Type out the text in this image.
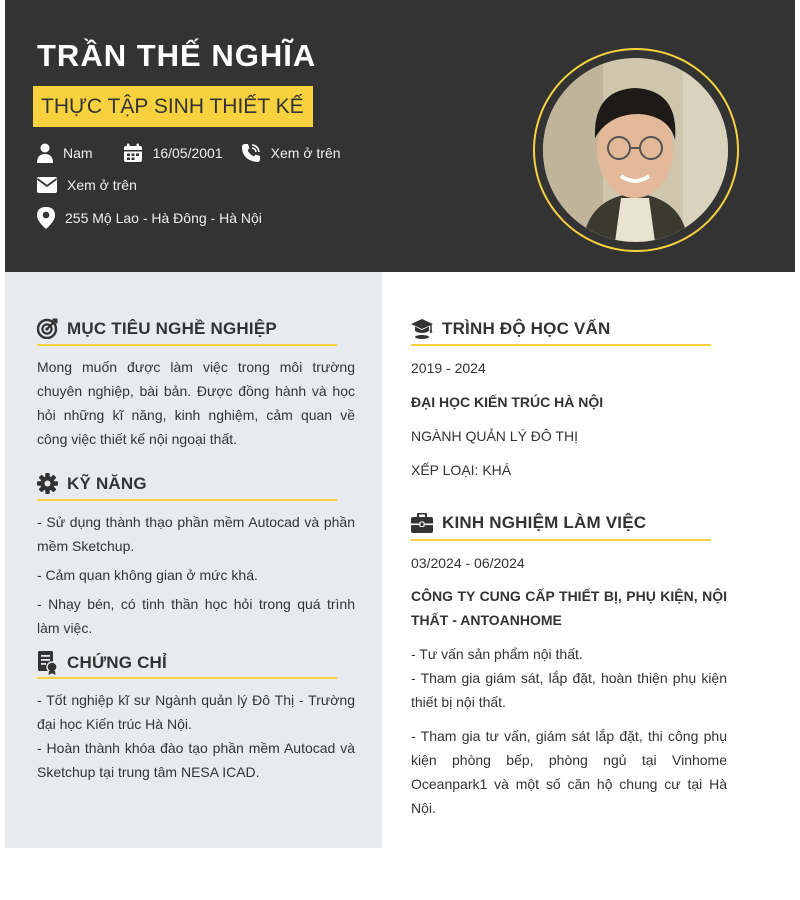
TRẦN THẾ NGHĨA
THỰC TẬP SINH THIẾT KẾ
Nam	16/05/2001	Xem ở trên
Xem ở trên
255 Mộ Lao - Hà Đông - Hà Nội
MỤC TIÊU NGHỀ NGHIỆP
Mong muốn được làm việc trong môi trường chuyên nghiệp, bài bản. Được đồng hành và học hỏi những kĩ năng, kinh nghiệm, cảm quan về công việc thiết kế nội ngoại thất.
KỸ NĂNG
- Sử dụng thành thạo phần mềm Autocad và phần mềm Sketchup.
- Cảm quan không gian ở mức khá.
- Nhạy bén, có tinh thần học hỏi trong quá trình làm việc.
CHỨNG CHỈ
- Tốt nghiệp kĩ sư Ngành quản lý Đô Thị - Trường đại học Kiến trúc Hà Nội.
- Hoàn thành khóa đào tạo phần mềm Autocad và Sketchup tại trung tâm NESA ICAD.
TRÌNH ĐỘ HỌC VẤN
2019 - 2024
ĐẠI HỌC KIẾN TRÚC HÀ NỘI
NGÀNH QUẢN LÝ ĐÔ THỊ
XẾP LOẠI: KHÁ
KINH NGHIỆM LÀM VIỆC
03/2024 - 06/2024
CÔNG TY CUNG CẤP THIẾT BỊ, PHỤ KIỆN, NỘI THẤT - ANTOANHOME
- Tư vấn sản phẩm nội thất.
- Tham gia giám sát, lắp đặt, hoàn thiện phụ kiện thiết bị nội thất.
- Tham gia tư vấn, giám sát lắp đặt, thi công phụ kiện phòng bếp, phòng ngủ tại Vinhome Oceanpark1 và một số căn hộ chung cư tại Hà Nội.
